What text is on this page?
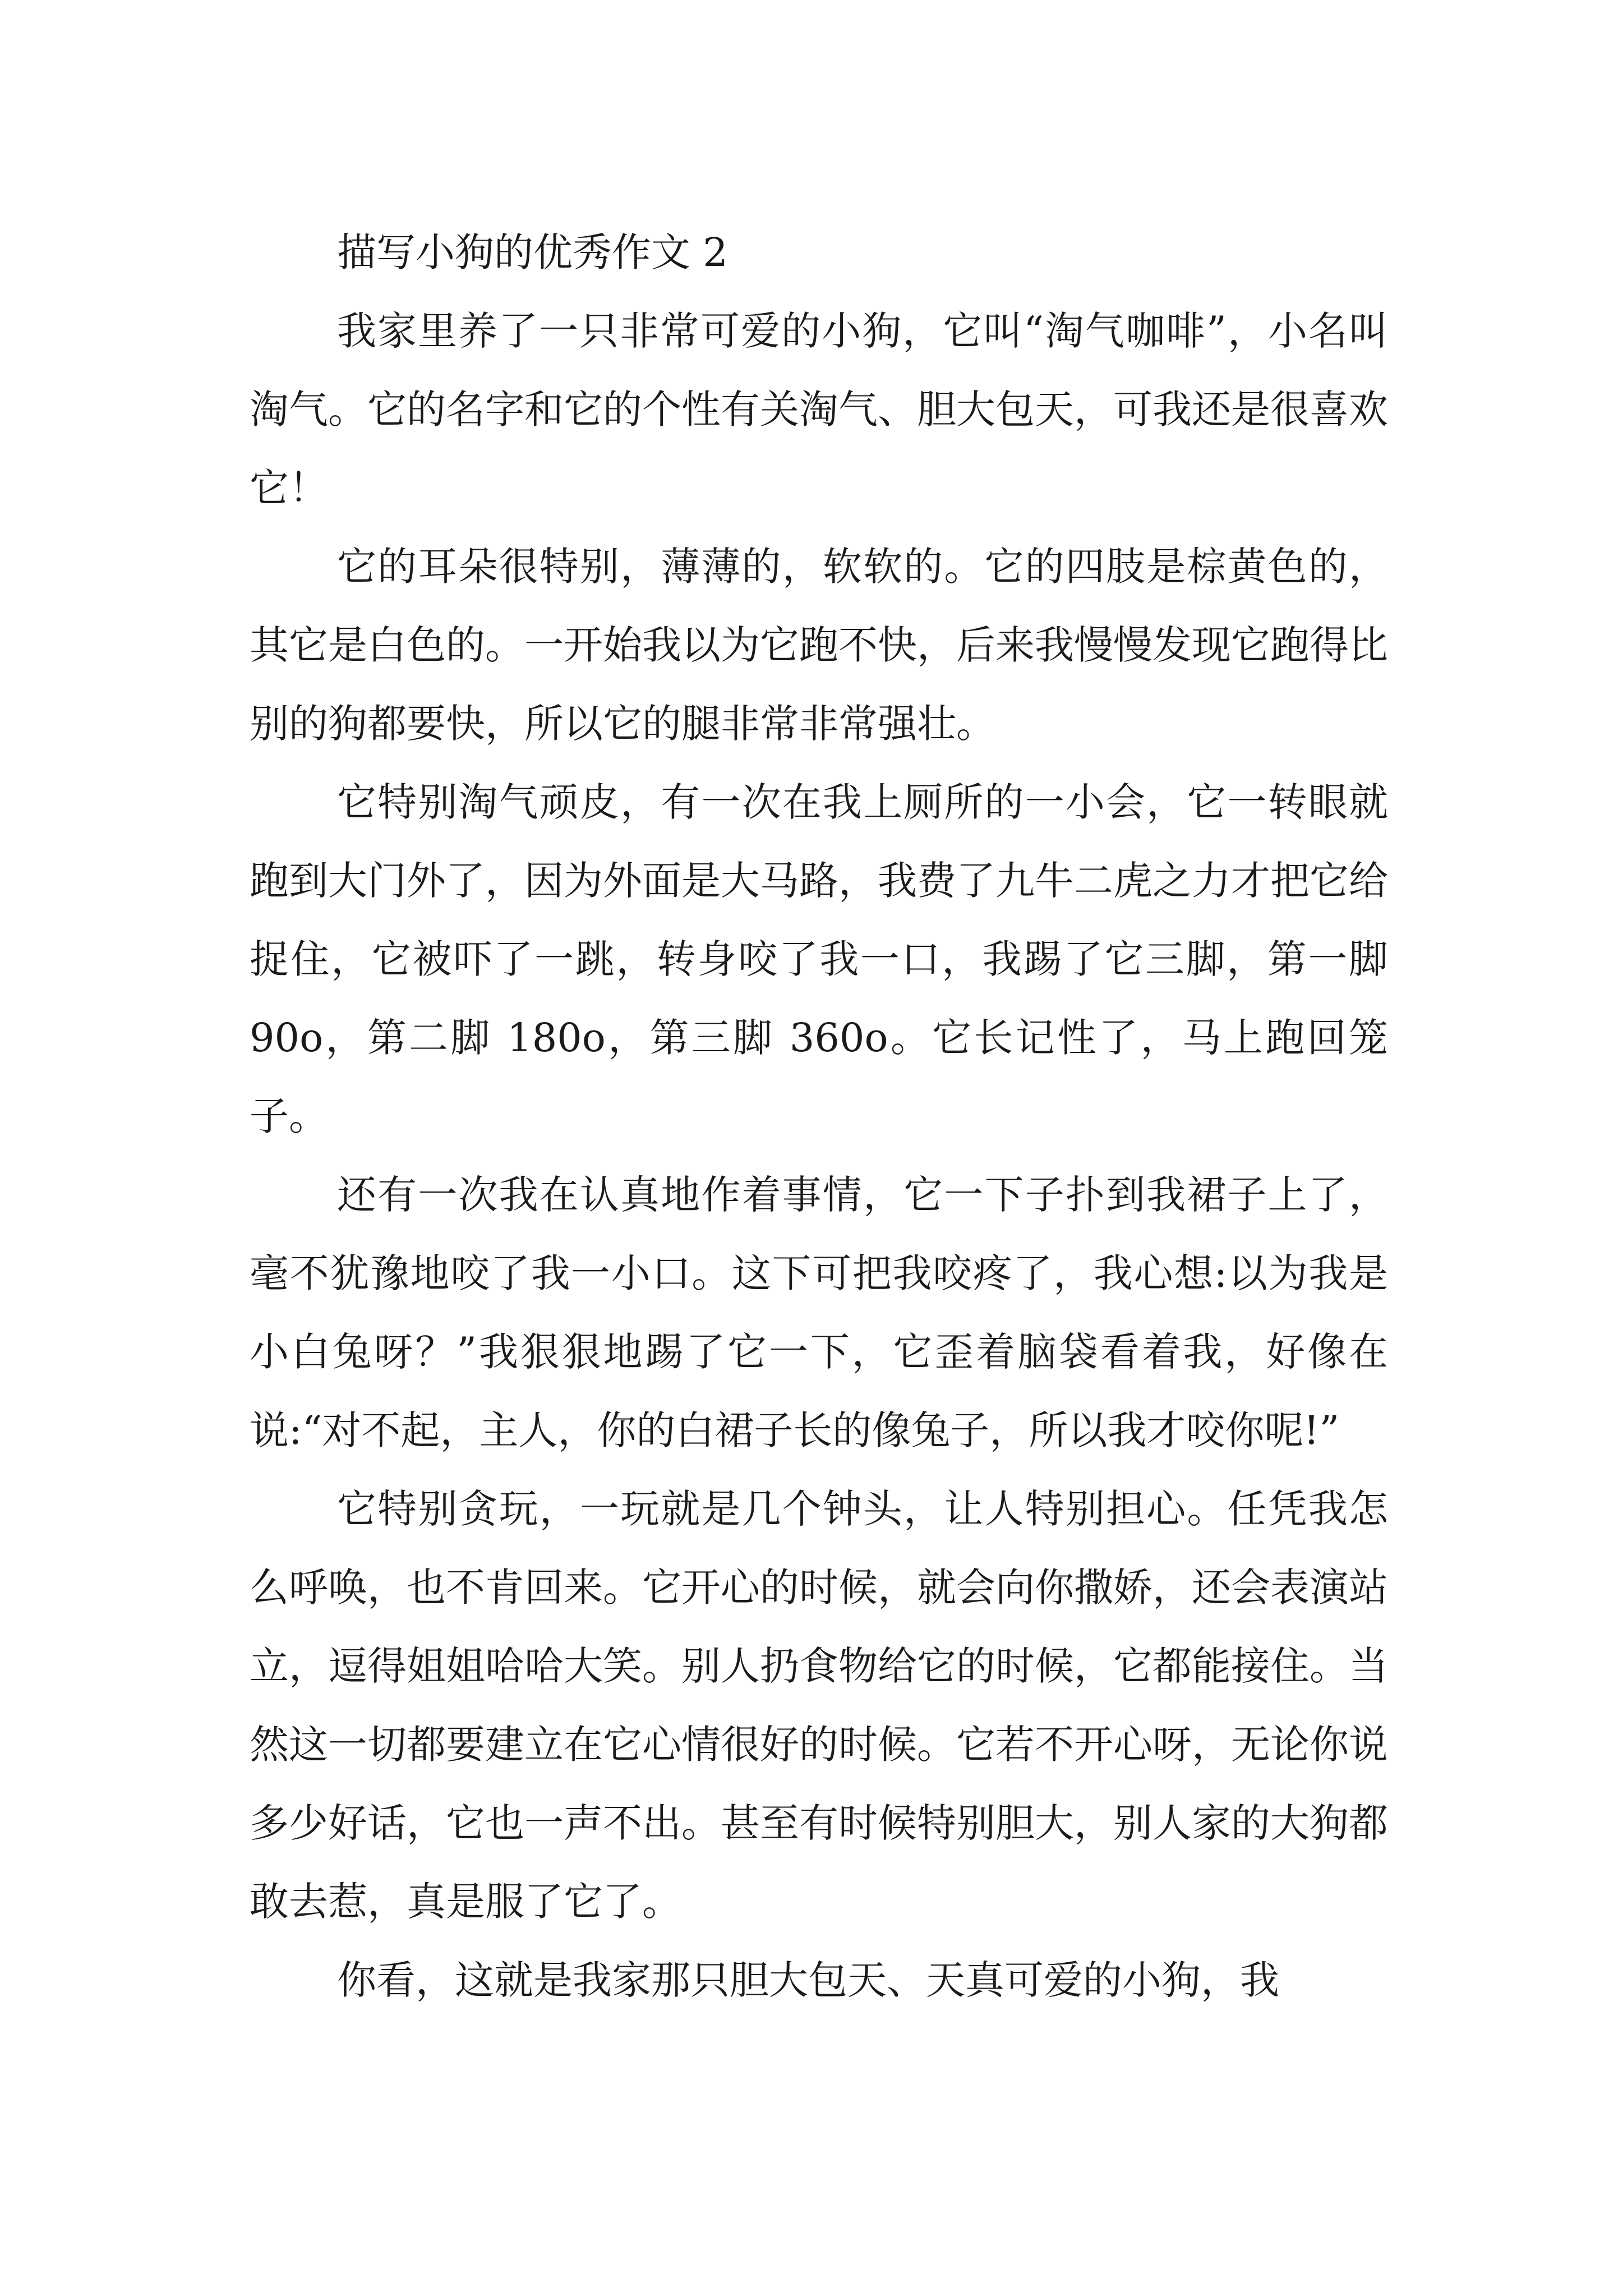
描写小狗的优秀作文 2

我家里养了一只非常可爱的小狗，它叫“淘气咖啡”，小名叫淘气。它的名字和它的个性有关淘气、胆大包天，可我还是很喜欢它！

它的耳朵很特别，薄薄的，软软的。它的四肢是棕黄色的，其它是白色的。一开始我以为它跑不快，后来我慢慢发现它跑得比别的狗都要快，所以它的腿非常非常强壮。

它特别淘气顽皮，有一次在我上厕所的一小会，它一转眼就跑到大门外了，因为外面是大马路，我费了九牛二虎之力才把它给捉住，它被吓了一跳，转身咬了我一口，我踢了它三脚，第一脚 90o，第二脚 180o，第三脚 360o。它长记性了，马上跑回笼子。

还有一次我在认真地作着事情，它一下子扑到我裙子上了，毫不犹豫地咬了我一小口。这下可把我咬疼了，我心想:以为我是小白兔呀？”我狠狠地踢了它一下，它歪着脑袋看着我，好像在说:“对不起，主人，你的白裙子长的像兔子，所以我才咬你呢!”

它特别贪玩，一玩就是几个钟头，让人特别担心。任凭我怎么呼唤，也不肯回来。它开心的时候，就会向你撒娇，还会表演站立，逗得姐姐哈哈大笑。别人扔食物给它的时候，它都能接住。当然这一切都要建立在它心情很好的时候。它若不开心呀，无论你说多少好话，它也一声不出。甚至有时候特别胆大，别人家的大狗都敢去惹，真是服了它了。

你看，这就是我家那只胆大包天、天真可爱的小狗，我
